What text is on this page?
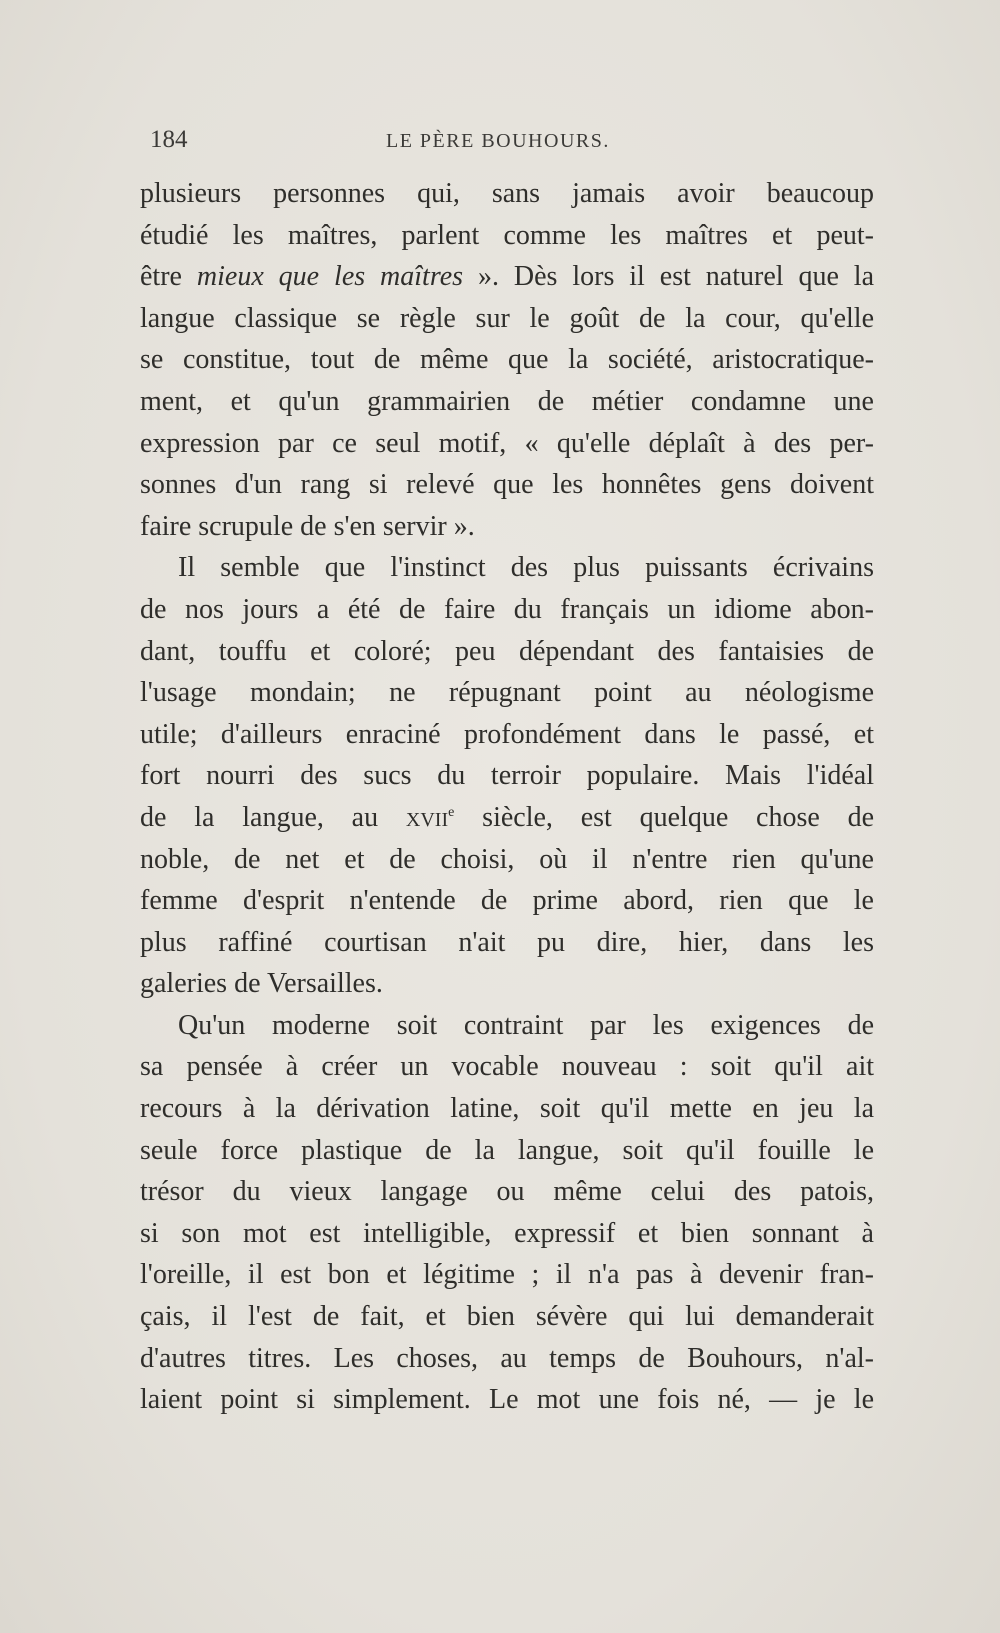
184	LE PÈRE BOUHOURS.
plusieurs personnes qui, sans jamais avoir beaucoup
étudié les maîtres, parlent comme les maîtres et peut-
être mieux que les maîtres ». Dès lors il est naturel que la
langue classique se règle sur le goût de la cour, qu'elle
se constitue, tout de même que la société, aristocratique-
ment, et qu'un grammairien de métier condamne une
expression par ce seul motif, « qu'elle déplaît à des per-
sonnes d'un rang si relevé que les honnêtes gens doivent
faire scrupule de s'en servir ».
Il semble que l'instinct des plus puissants écrivains
de nos jours a été de faire du français un idiome abon-
dant, touffu et coloré; peu dépendant des fantaisies de
l'usage mondain; ne répugnant point au néologisme
utile; d'ailleurs enraciné profondément dans le passé, et
fort nourri des sucs du terroir populaire. Mais l'idéal
de la langue, au xvii$^e$ siècle, est quelque chose de
noble, de net et de choisi, où il n'entre rien qu'une
femme d'esprit n'entende de prime abord, rien que le
plus raffiné courtisan n'ait pu dire, hier, dans les
galeries de Versailles.
Qu'un moderne soit contraint par les exigences de
sa pensée à créer un vocable nouveau : soit qu'il ait
recours à la dérivation latine, soit qu'il mette en jeu la
seule force plastique de la langue, soit qu'il fouille le
trésor du vieux langage ou même celui des patois,
si son mot est intelligible, expressif et bien sonnant à
l'oreille, il est bon et légitime ; il n'a pas à devenir fran-
çais, il l'est de fait, et bien sévère qui lui demanderait
d'autres titres. Les choses, au temps de Bouhours, n'al-
laient point si simplement. Le mot une fois né, — je le
